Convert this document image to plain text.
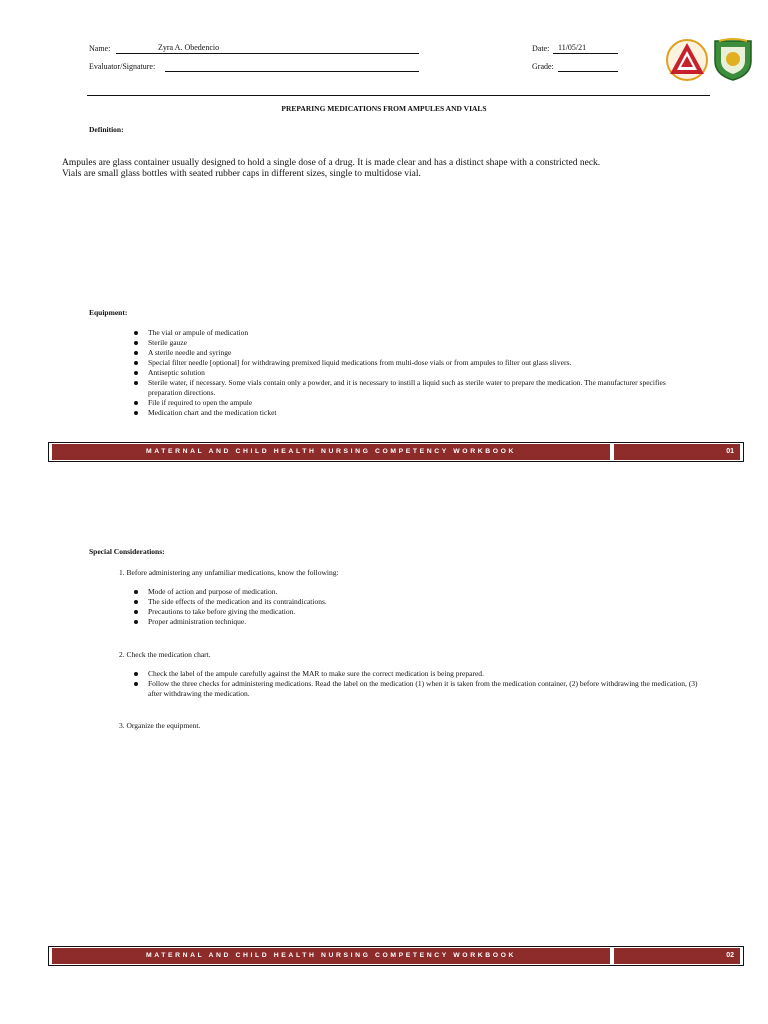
Name:	Zyra A. Obedencio
Evaluator/Signature:
Date: 11/05/21
Grade:
PREPARING MEDICATIONS FROM AMPULES AND VIALS
Definition:
Ampules are glass container usually designed to hold a single dose of a drug. It is made clear and has a distinct shape with a constricted neck.
Vials are small glass bottles with seated rubber caps in different sizes, single to multidose vial.
Equipment:
The vial or ampule of medication
Sterile gauze
A sterile needle and syringe
Special filter needle [optional] for withdrawing premixed liquid medications from multi-dose vials or from ampules to filter out glass slivers.
Antiseptic solution
Sterile water, if necessary. Some vials contain only a powder, and it is necessary to instill a liquid such as sterile water to prepare the medication. The manufacturer specifies preparation directions.
File if required to open the ampule
Medication chart and the medication ticket
MATERNAL AND CHILD HEALTH NURSING COMPETENCY WORKBOOK	01
Special Considerations:
1. Before administering any unfamiliar medications, know the following:
Mode of action and purpose of medication.
The side effects of the medication and its contraindications.
Precautions to take before giving the medication.
Proper administration technique.
2. Check the medication chart.
Check the label of the ampule carefully against the MAR to make sure the correct medication is being prepared.
Follow the three checks for administering medications. Read the label on the medication (1) when it is taken from the medication container, (2) before withdrawing the medication, (3) after withdrawing the medication.
3. Organize the equipment.
MATERNAL AND CHILD HEALTH NURSING COMPETENCY WORKBOOK	02
